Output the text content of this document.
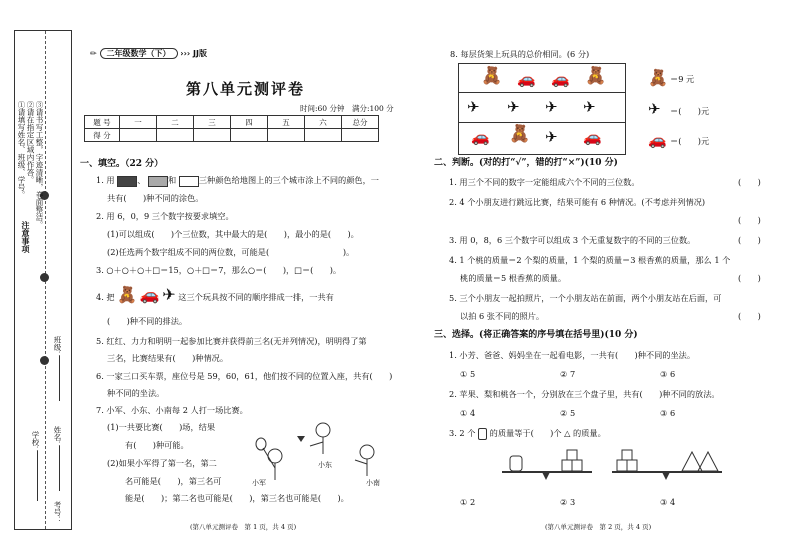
①请填写姓名、班级、学号。 ②请在指定区域内作答。 ③请书写工整，字迹清晰，卷面整洁。
注意事项
班级：
姓名：
学校：
考号：
✏ 二年级数学（下） ››› JJ版
第八单元测评卷
时间:60 分钟　满分:100 分
题 号	一	二	三	四	五	六	总分
得 分							
一、填空。（22 分）
1. 用	、	和	三种颜色给地图上的三个城市涂上不同的颜色，一
共有(　　)种不同的涂色。
2. 用 6，0，9 三个数字按要求填空。
(1)可以组成(　　)个三位数，其中最大的是(　　)，最小的是(　　)。
(2)任选两个数字组成不同的两位数，可能是(　　　　　　　　　)。
3. ○＋○＋○＋□＝15，○＋□＝7，那么○＝(　　)，□＝(　　)。
4. 把 🧸 🚗 ✈ 这三个玩具按不同的顺序排成一排，一共有
(　　)种不同的排法。
5. 红红、力力和明明一起参加比赛并获得前三名(无并列情况)，明明得了第
三名，比赛结果有(　　)种情况。
6. 一家三口买车票，座位号是 59，60，61，他们按不同的位置入座，共有(　　)
种不同的坐法。
7. 小军、小东、小南每 2 人打一场比赛。
(1)一共要比赛(　　)场，结果
有(　　)种可能。
(2)如果小军得了第一名，第二
名可能是(　　)，第三名可
能是(　　)；第二名也可能是(　　)，第三名也可能是(　　)。
小军
小东
小南
(第八单元测评卷　第 1 页，共 4 页)
8. 每层货架上玩具的总价相同。(6 分)
🧸 🚗 🚗 🧸
✈ ✈ ✈ ✈
🚗 🧸 ✈ 🚗
🧸 ＝9 元
✈ ＝(　　)元
🚗 ＝(　　)元
二、判断。(对的打“√”，错的打“×”)(10 分)
1. 用三个不同的数字一定能组成六个不同的三位数。	(　　)
2. 4 个小朋友进行跳远比赛，结果可能有 6 种情况。(不考虑并列情况)
(　　)
3. 用 0，8，6 三个数字可以组成 3 个无重复数字的不同的三位数。	(　　)
4. 1 个桃的质量＝2 个梨的质量，1 个梨的质量＝3 根香蕉的质量，那么 1 个
桃的质量＝5 根香蕉的质量。	(　　)
5. 三个小朋友一起拍照片，一个小朋友站在前面，两个小朋友站在后面，可
以拍 6 张不同的照片。	(　　)
三、选择。(将正确答案的序号填在括号里)(10 分)
1. 小芳、爸爸、妈妈坐在一起看电影，一共有(　　)种不同的坐法。
① 5	② 7	③ 6
2. 苹果、梨和桃各一个，分别放在三个盘子里，共有(　　)种不同的放法。
① 4	② 5	③ 6
3. 2 个 的质量等于(　　)个 △ 的质量。
① 2	② 3	③ 4
(第八单元测评卷　第 2 页，共 4 页)
